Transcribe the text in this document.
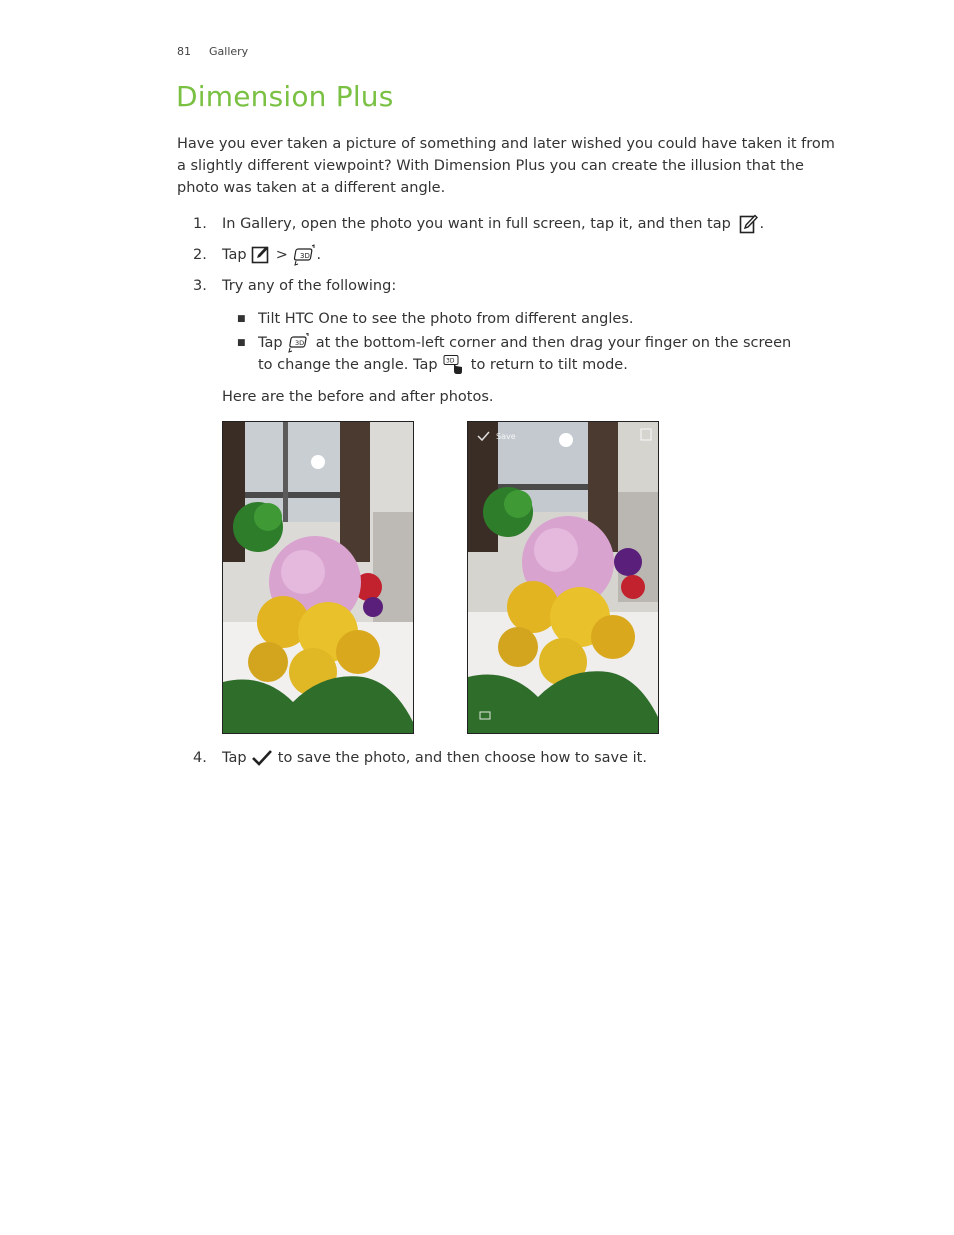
81 Gallery
Dimension Plus

Have you ever taken a picture of something and later wished you could have taken it from a slightly different viewpoint? With Dimension Plus you can create the illusion that the photo was taken at a different angle.

1.	In Gallery, open the photo you want in full screen, tap it, and then tap .
2.	Tap > 3D .
3.	Try any of the following:
■ Tilt HTC One to see the photo from different angles.
■ Tap 3D at the bottom-left corner and then drag your finger on the screen
to change the angle. Tap 3D to return to tilt mode.
Here are the before and after photos.
Save
4.	Tap to save the photo, and then choose how to save it.
